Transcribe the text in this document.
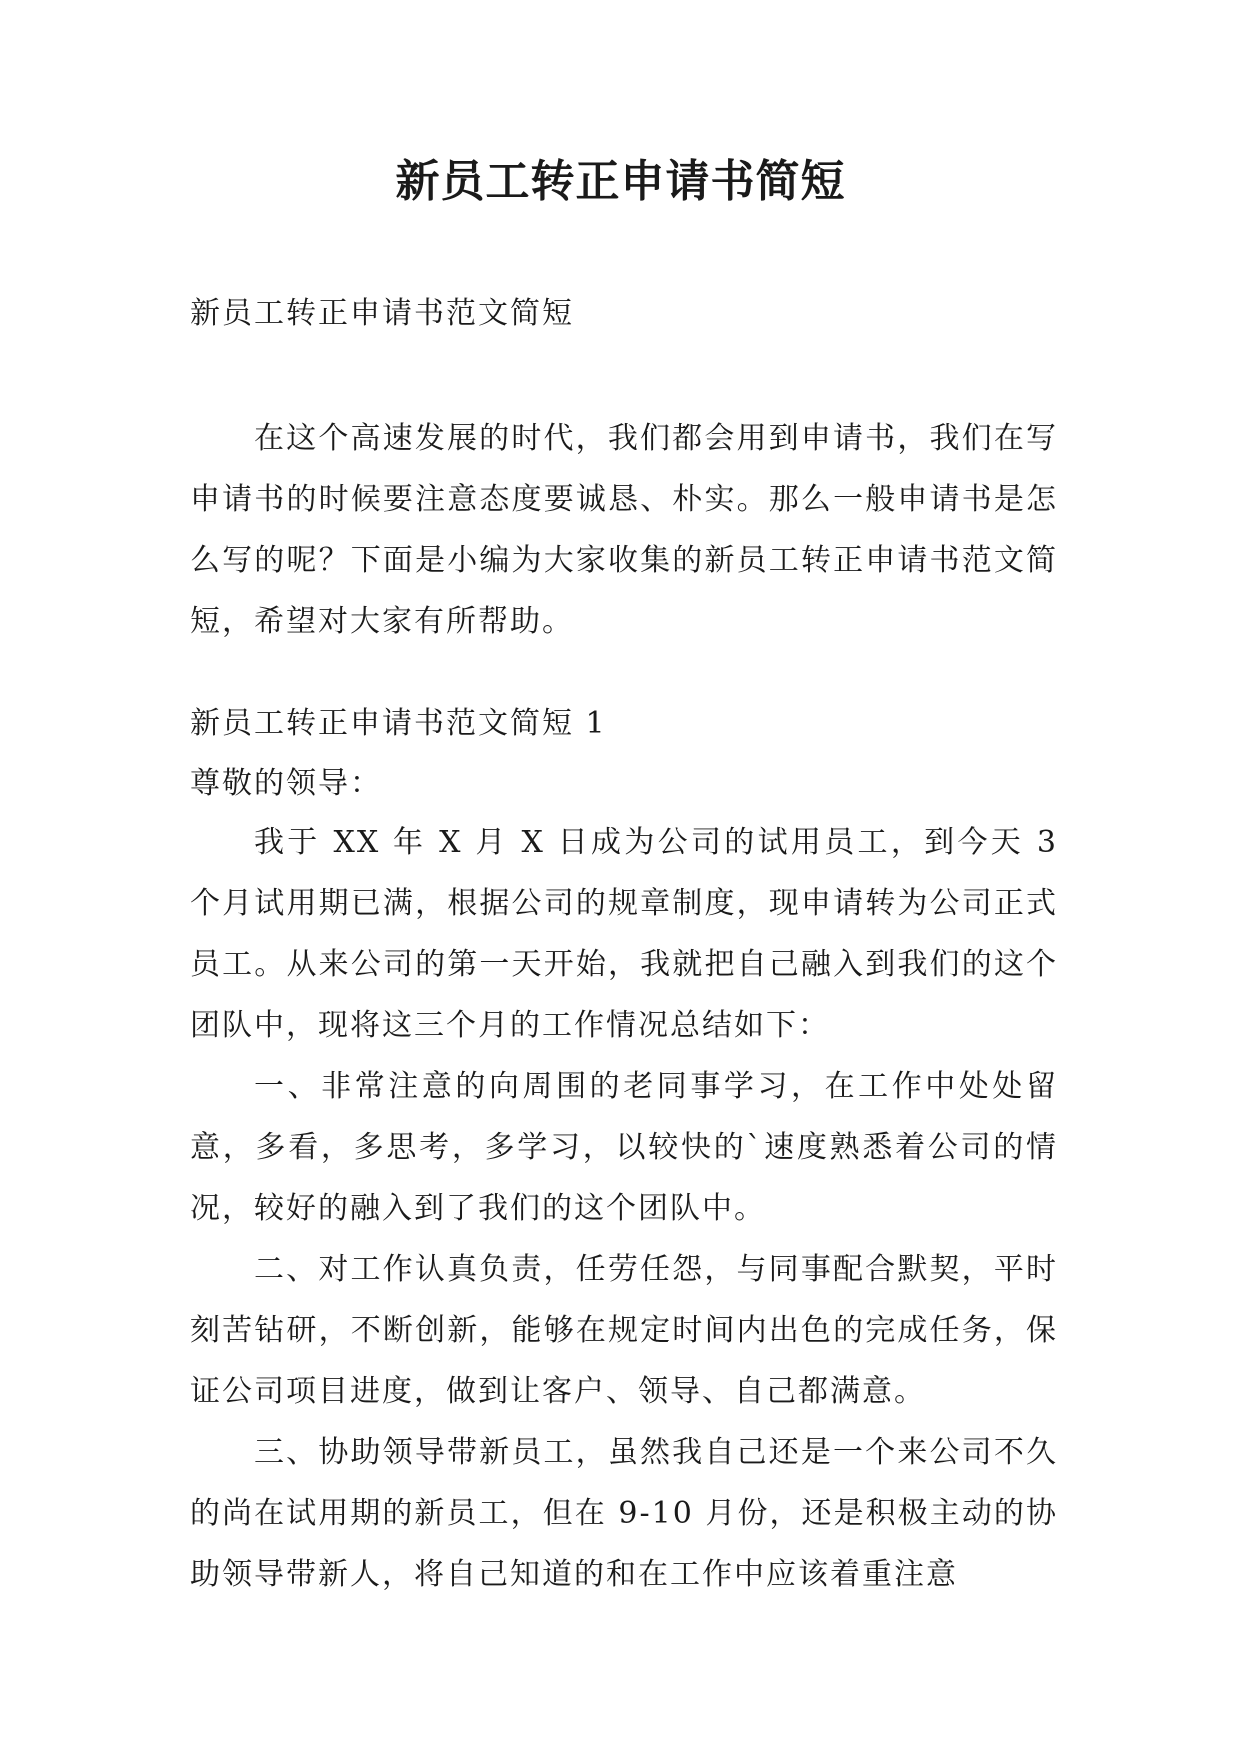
新员工转正申请书简短
新员工转正申请书范文简短

在这个高速发展的时代，我们都会用到申请书，我们在写申请书的时候要注意态度要诚恳、朴实。那么一般申请书是怎么写的呢？下面是小编为大家收集的新员工转正申请书范文简短，希望对大家有所帮助。

新员工转正申请书范文简短 1
尊敬的领导：

我于 XX 年 X 月 X 日成为公司的试用员工，到今天 3 个月试用期已满，根据公司的规章制度，现申请转为公司正式员工。从来公司的第一天开始，我就把自己融入到我们的这个团队中，现将这三个月的工作情况总结如下：

一、非常注意的向周围的老同事学习，在工作中处处留意，多看，多思考，多学习，以较快的`速度熟悉着公司的情况，较好的融入到了我们的这个团队中。

二、对工作认真负责，任劳任怨，与同事配合默契，平时刻苦钻研，不断创新，能够在规定时间内出色的完成任务，保证公司项目进度，做到让客户、领导、自己都满意。

三、协助领导带新员工，虽然我自己还是一个来公司不久的尚在试用期的新员工，但在 9-10 月份，还是积极主动的协助领导带新人，将自己知道的和在工作中应该着重注意
